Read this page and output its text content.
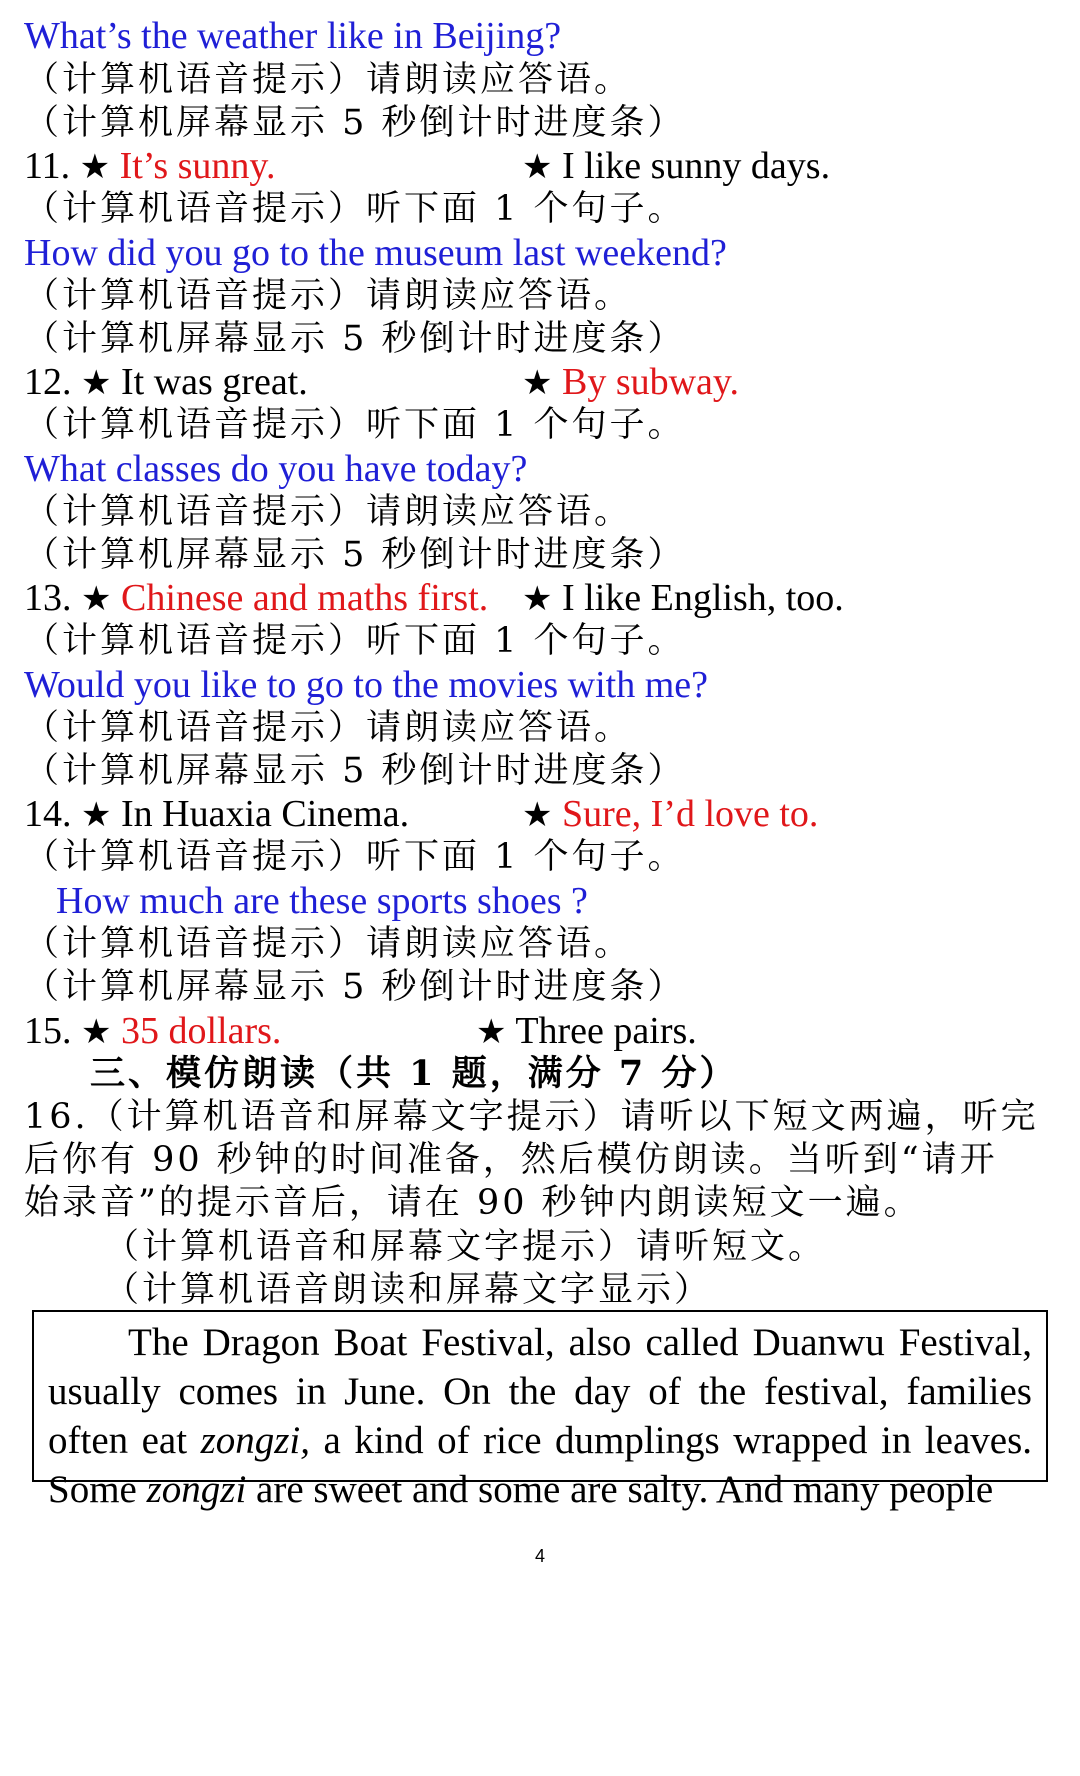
What’s the weather like in Beijing?
（计算机语音提示）请朗读应答语。
（计算机屏幕显示 5 秒倒计时进度条）
11. ★ It’s sunny.	★ I like sunny days.
（计算机语音提示）听下面 1 个句子。
How did you go to the museum last weekend?
（计算机语音提示）请朗读应答语。
（计算机屏幕显示 5 秒倒计时进度条）
12. ★ It was great.	★ By subway.
（计算机语音提示）听下面 1 个句子。
What classes do you have today?
（计算机语音提示）请朗读应答语。
（计算机屏幕显示 5 秒倒计时进度条）
13. ★ Chinese and maths first. ★ I like English, too.
（计算机语音提示）听下面 1 个句子。
Would you like to go to the movies with me?
（计算机语音提示）请朗读应答语。
（计算机屏幕显示 5 秒倒计时进度条）
14. ★ In Huaxia Cinema.	★ Sure, I’d love to.
（计算机语音提示）听下面 1 个句子。
How much are these sports shoes ?
（计算机语音提示）请朗读应答语。
（计算机屏幕显示 5 秒倒计时进度条）
15. ★ 35 dollars.	★ Three pairs.
三、模仿朗读（共 1 题，满分 7 分）
16.（计算机语音和屏幕文字提示）请听以下短文两遍，听完
后你有 90 秒钟的时间准备，然后模仿朗读。当听到“请开
始录音”的提示音后，请在 90 秒钟内朗读短文一遍。
（计算机语音和屏幕文字提示）请听短文。
（计算机语音朗读和屏幕文字显示）

The Dragon Boat Festival, also called Duanwu Festival, usually comes in June. On the day of the festival, families often eat zongzi, a kind of rice dumplings wrapped in leaves. Some zongzi are sweet and some are salty. And many people

4
